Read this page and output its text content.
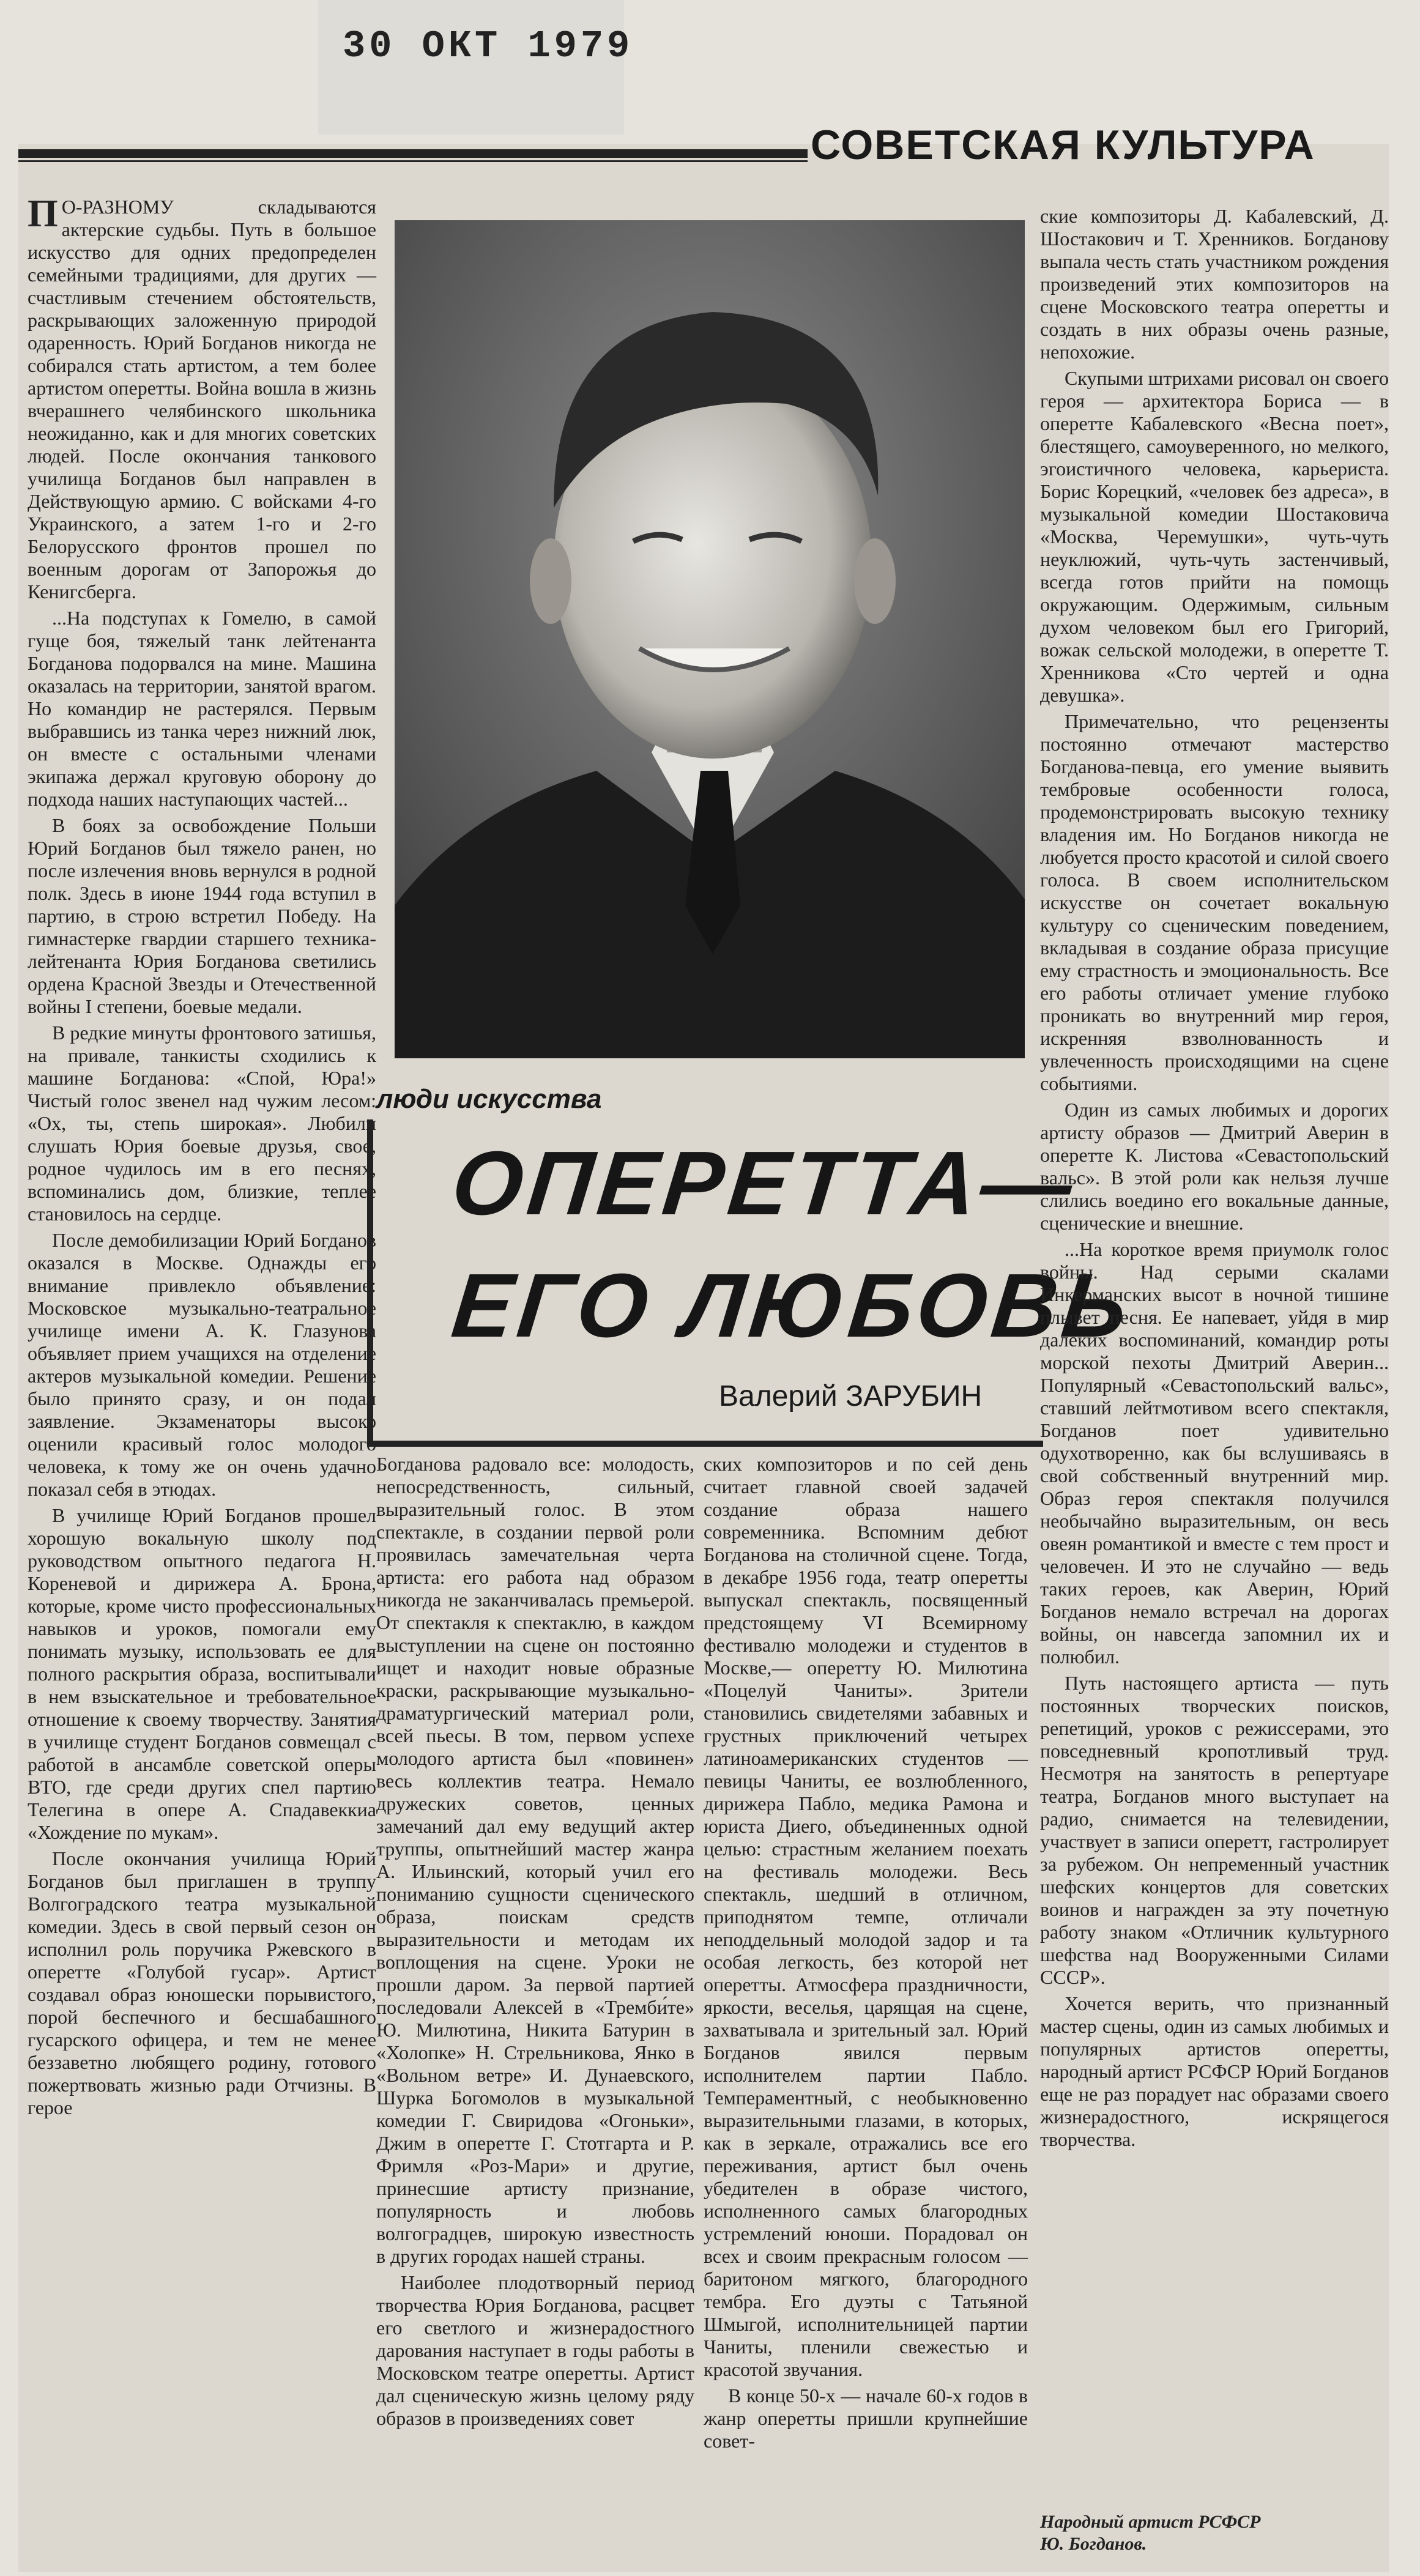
30 ОКТ 1979
СОВЕТСКАЯ КУЛЬТУРА

П О-РАЗНОМУ складываются актерские судьбы. Путь в большое искусство для одних предопределен семейными традициями, для других — счастливым стечением обстоятельств, раскрывающих заложенную природой одаренность. Юрий Богданов никогда не собирался стать артистом, а тем более артистом оперетты. Война вошла в жизнь вчерашнего челябинского школьника неожиданно, как и для многих советских людей. После окончания танкового училища Богданов был направлен в Действующую армию. С войсками 4-го Украинского, а затем 1-го и 2-го Белорусского фронтов прошел по военным дорогам от Запорожья до Кенигсберга.

...На подступах к Гомелю, в самой гуще боя, тяжелый танк лейтенанта Богданова подорвался на мине. Машина оказалась на территории, занятой врагом. Но командир не растерялся. Первым выбравшись из танка через нижний люк, он вместе с остальными членами экипажа держал круговую оборону до подхода наших наступающих частей...

В боях за освобождение Польши Юрий Богданов был тяжело ранен, но после излечения вновь вернулся в родной полк. Здесь в июне 1944 года вступил в партию, в строю встретил Победу. На гимнастерке гвардии старшего техника-лейтенанта Юрия Богданова светились ордена Красной Звезды и Отечественной войны I степени, боевые медали.

В редкие минуты фронтового затишья, на привале, танкисты сходились к машине Богданова: «Спой, Юра!» Чистый голос звенел над чужим лесом: «Ох, ты, степь широкая». Любили слушать Юрия боевые друзья, свое, родное чудилось им в его песнях, вспоминались дом, близкие, теплее становилось на сердце.

После демобилизации Юрий Богданов оказался в Москве. Однажды его внимание привлекло объявление: Московское музыкально-театральное училище имени А. К. Глазунова объявляет прием учащихся на отделение актеров музыкальной комедии. Решение было принято сразу, и он подал заявление. Экзаменаторы высоко оценили красивый голос молодого человека, к тому же он очень удачно показал себя в этюдах.

В училище Юрий Богданов прошел хорошую вокальную школу под руководством опытного педагога Н. Кореневой и дирижера А. Брона, которые, кроме чисто профессиональных навыков и уроков, помогали ему понимать музыку, использовать ее для полного раскрытия образа, воспитывали в нем взыскательное и требовательное отношение к своему творчеству. Занятия в училище студент Богданов совмещал с работой в ансамбле советской оперы ВТО, где среди других спел партию Телегина в опере А. Спадавеккиа «Хождение по мукам».

После окончания училища Юрий Богданов был приглашен в труппу Волгоградского театра музыкальной комедии. Здесь в свой первый сезон он исполнил роль поручика Ржевского в оперетте «Голубой гусар». Артист создавал образ юношески порывистого, порой беспечного и бесшабашного гусарского офицера, и тем не менее беззаветно любящего родину, готового пожертвовать жизнью ради Отчизны. В герое

люди искусства
ОПЕРЕТТА—
ЕГО ЛЮБОВЬ
Валерий ЗАРУБИН

Богданова радовало все: молодость, непосредственность, сильный, выразительный голос. В этом спектакле, в создании первой роли проявилась замечательная черта артиста: его работа над образом никогда не заканчивалась премьерой. От спектакля к спектаклю, в каждом выступлении на сцене он постоянно ищет и находит новые образные краски, раскрывающие музыкально-драматургический материал роли, всей пьесы. В том, первом успехе молодого артиста был «повинен» весь коллектив театра. Немало дружеских советов, ценных замечаний дал ему ведущий актер труппы, опытнейший мастер жанра А. Ильинский, который учил его пониманию сущности сценического образа, поискам средств выразительности и методам их воплощения на сцене. Уроки не прошли даром. За первой партией последовали Алексей в «Тремби́те» Ю. Милютина, Никита Батурин в «Холопке» Н. Стрельникова, Янко в «Вольном ветре» И. Дунаевского, Шурка Богомолов в музыкальной комедии Г. Свиридова «Огоньки», Джим в оперетте Г. Стотгарта и Р. Фримля «Роз-Мари» и другие, принесшие артисту признание, популярность и любовь волгоградцев, широкую известность в других городах нашей страны.

Наиболее плодотворный период творчества Юрия Богданова, расцвет его светлого и жизнерадостного дарования наступает в годы работы в Московском театре оперетты. Артист дал сценическую жизнь целому ряду образов в произведениях совет

ских композиторов и по сей день считает главной своей задачей создание образа нашего современника. Вспомним дебют Богданова на столичной сцене. Тогда, в декабре 1956 года, театр оперетты выпускал спектакль, посвященный предстоящему VI Всемирному фестивалю молодежи и студентов в Москве,— оперетту Ю. Милютина «Поцелуй Чаниты». Зрители становились свидетелями забавных и грустных приключений четырех латиноамериканских студентов — певицы Чаниты, ее возлюбленного, дирижера Пабло, медика Рамона и юриста Диего, объединенных одной целью: страстным желанием поехать на фестиваль молодежи. Весь спектакль, шедший в отличном, приподнятом темпе, отличали неподдельный молодой задор и та особая легкость, без которой нет оперетты. Атмосфера праздничности, яркости, веселья, царящая на сцене, захватывала и зрительный зал. Юрий Богданов явился первым исполнителем партии Пабло. Темпераментный, с необыкновенно выразительными глазами, в которых, как в зеркале, отражались все его переживания, артист был очень убедителен в образе чистого, исполненного самых благородных устремлений юноши. Порадовал он всех и своим прекрасным голосом — баритоном мягкого, благородного тембра. Его дуэты с Татьяной Шмыгой, исполнительницей партии Чаниты, пленили свежестью и красотой звучания.

В конце 50-х — начале 60-х годов в жанр оперетты пришли крупнейшие совет-

ские композиторы Д. Кабалевский, Д. Шостакович и Т. Хренников. Богданову выпала честь стать участником рождения произведений этих композиторов на сцене Московского театра оперетты и создать в них образы очень разные, непохожие.

Скупыми штрихами рисовал он своего героя — архитектора Бориса — в оперетте Кабалевского «Весна поет», блестящего, самоуверенного, но мелкого, эгоистичного человека, карьериста. Борис Корецкий, «человек без адреса», в музыкальной комедии Шостаковича «Москва, Черемушки», чуть-чуть неуклюжий, чуть-чуть застенчивый, всегда готов прийти на помощь окружающим. Одержимым, сильным духом человеком был его Григорий, вожак сельской молодежи, в оперетте Т. Хренникова «Сто чертей и одна девушка».

Примечательно, что рецензенты постоянно отмечают мастерство Богданова-певца, его умение выявить тембровые особенности голоса, продемонстрировать высокую технику владения им. Но Богданов никогда не любуется просто красотой и силой своего голоса. В своем исполнительском искусстве он сочетает вокальную культуру со сценическим поведением, вкладывая в создание образа присущие ему страстность и эмоциональность. Все его работы отличает умение глубоко проникать во внутренний мир героя, искренняя взволнованность и увлеченность происходящими на сцене событиями.

Один из самых любимых и дорогих артисту образов — Дмитрий Аверин в оперетте К. Листова «Севастопольский вальс». В этой роли как нельзя лучше слились воедино его вокальные данные, сценические и внешние.

...На короткое время приумолк голос войны. Над серыми скалами Инкерманских высот в ночной тишине плывет песня. Ее напевает, уйдя в мир далеких воспоминаний, командир роты морской пехоты Дмитрий Аверин... Популярный «Севастопольский вальс», ставший лейтмотивом всего спектакля, Богданов поет удивительно одухотворенно, как бы вслушиваясь в свой собственный внутренний мир. Образ героя спектакля получился необычайно выразительным, он весь овеян романтикой и вместе с тем прост и человечен. И это не случайно — ведь таких героев, как Аверин, Юрий Богданов немало встречал на дорогах войны, он навсегда запомнил их и полюбил.

Путь настоящего артиста — путь постоянных творческих поисков, репетиций, уроков с режиссерами, это повседневный кропотливый труд. Несмотря на занятость в репертуаре театра, Богданов много выступает на радио, снимается на телевидении, участвует в записи оперетт, гастролирует за рубежом. Он непременный участник шефских концертов для советских воинов и награжден за эту почетную работу знаком «Отличник культурного шефства над Вооруженными Силами СССР».

Хочется верить, что признанный мастер сцены, один из самых любимых и популярных артистов оперетты, народный артист РСФСР Юрий Богданов еще не раз порадует нас образами своего жизнерадостного, искрящегося творчества.

Народный артист РСФСР
Ю. Богданов.
